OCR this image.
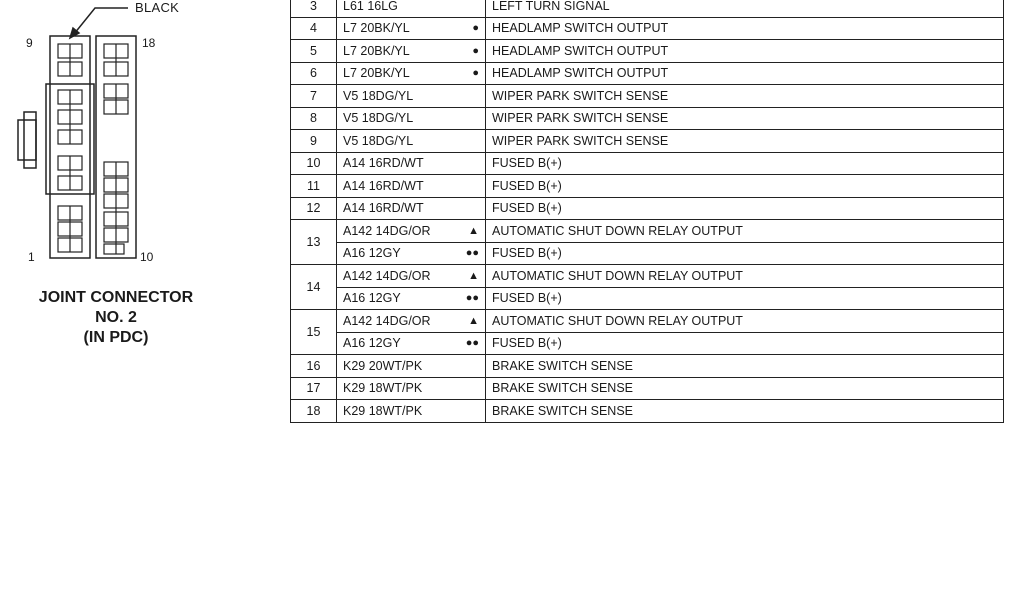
BLACK
9	18
1	10
JOINT CONNECTOR
NO. 2
(IN PDC)
3	L61 16LG		LEFT TURN SIGNAL
4	L7 20BK/YL	●	HEADLAMP SWITCH OUTPUT
5	L7 20BK/YL	●	HEADLAMP SWITCH OUTPUT
6	L7 20BK/YL	●	HEADLAMP SWITCH OUTPUT
7	V5 18DG/YL		WIPER PARK SWITCH SENSE
8	V5 18DG/YL		WIPER PARK SWITCH SENSE
9	V5 18DG/YL		WIPER PARK SWITCH SENSE
10	A14 16RD/WT		FUSED B(+)
11	A14 16RD/WT		FUSED B(+)
12	A14 16RD/WT		FUSED B(+)
13	A142 14DG/OR	▲	AUTOMATIC SHUT DOWN RELAY OUTPUT
	A16 12GY	●●	FUSED B(+)
14	A142 14DG/OR	▲	AUTOMATIC SHUT DOWN RELAY OUTPUT
	A16 12GY	●●	FUSED B(+)
15	A142 14DG/OR	▲	AUTOMATIC SHUT DOWN RELAY OUTPUT
	A16 12GY	●●	FUSED B(+)
16	K29 20WT/PK		BRAKE SWITCH SENSE
17	K29 18WT/PK		BRAKE SWITCH SENSE
18	K29 18WT/PK		BRAKE SWITCH SENSE
